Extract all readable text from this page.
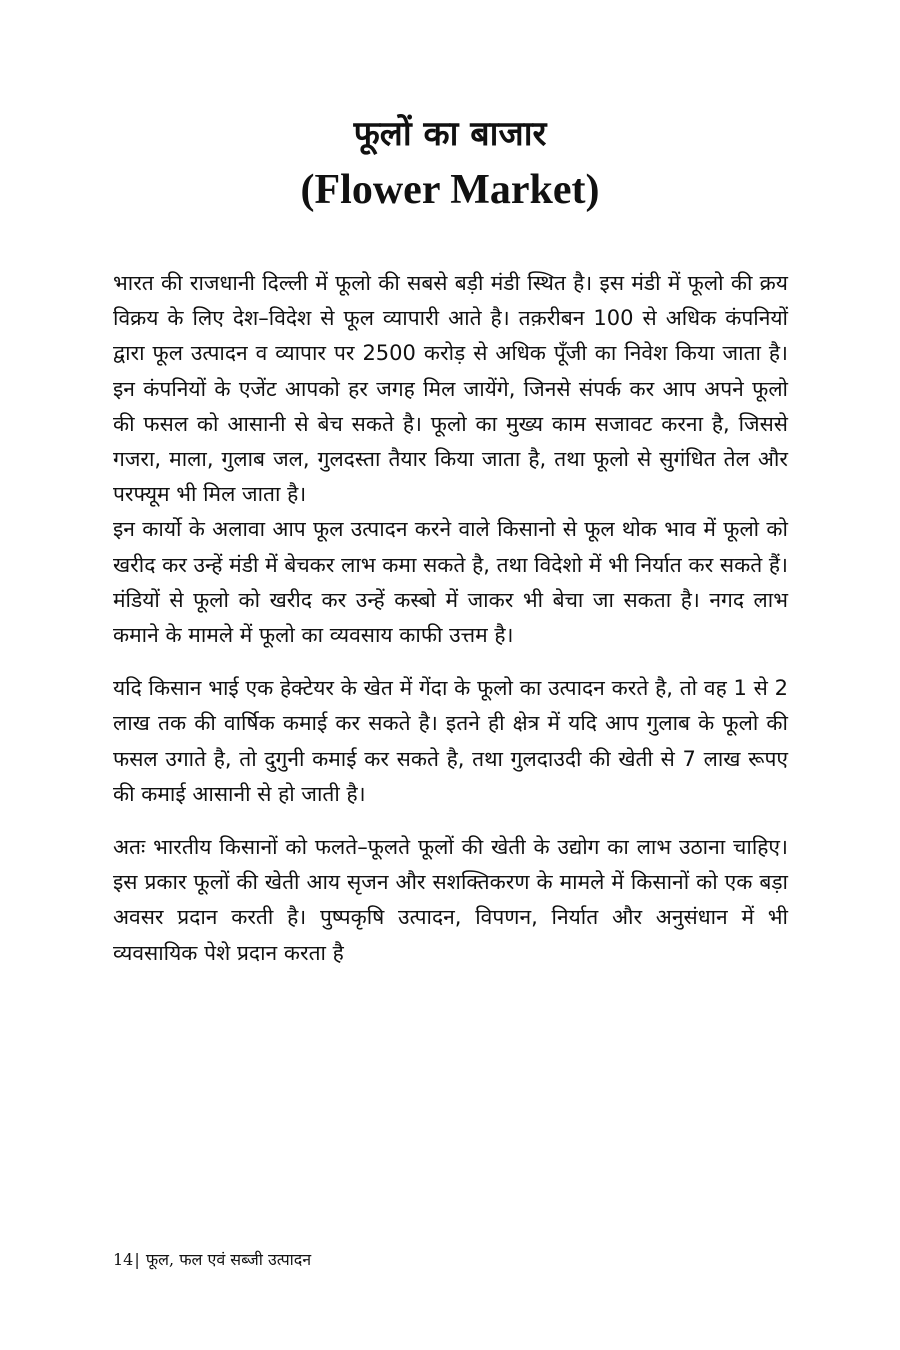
फूलों का बाजार
(Flower Market)

भारत की राजधानी दिल्ली में फूलो की सबसे बड़ी मंडी स्थित है। इस मंडी में फूलो की क्रय विक्रय के लिए देश–विदेश से फूल व्यापारी आते है। तक़रीबन 100 से अधिक कंपनियों द्वारा फूल उत्पादन व व्यापार पर 2500 करोड़ से अधिक पूँजी का निवेश किया जाता है। इन कंपनियों के एजेंट आपको हर जगह मिल जायेंगे, जिनसे संपर्क कर आप अपने फूलो की फसल को आसानी से बेच सकते है। फूलो का मुख्य काम सजावट करना है, जिससे गजरा, माला, गुलाब जल, गुलदस्ता तैयार किया जाता है, तथा फूलो से सुगंधित तेल और परफ्यूम भी मिल जाता है।

इन कार्यो के अलावा आप फूल उत्पादन करने वाले किसानो से फूल थोक भाव में फूलो को खरीद कर उन्हें मंडी में बेचकर लाभ कमा सकते है, तथा विदेशो में भी निर्यात कर सकते हैं। मंडियों से फूलो को खरीद कर उन्हें कस्बो में जाकर भी बेचा जा सकता है। नगद लाभ कमाने के मामले में फूलो का व्यवसाय काफी उत्तम है।

यदि किसान भाई एक हेक्टेयर के खेत में गेंदा के फूलो का उत्पादन करते है, तो वह 1 से 2 लाख तक की वार्षिक कमाई कर सकते है। इतने ही क्षेत्र में यदि आप गुलाब के फूलो की फसल उगाते है, तो दुगुनी कमाई कर सकते है, तथा गुलदाउदी की खेती से 7 लाख रूपए की कमाई आसानी से हो जाती है।

अतः भारतीय किसानों को फलते–फूलते फूलों की खेती के उद्योग का लाभ उठाना चाहिए। इस प्रकार फूलों की खेती आय सृजन और सशक्तिकरण के मामले में किसानों को एक बड़ा अवसर प्रदान करती है। पुष्पकृषि उत्पादन, विपणन, निर्यात और अनुसंधान में भी व्यवसायिक पेशे प्रदान करता है

14| फूल, फल एवं सब्जी उत्पादन
